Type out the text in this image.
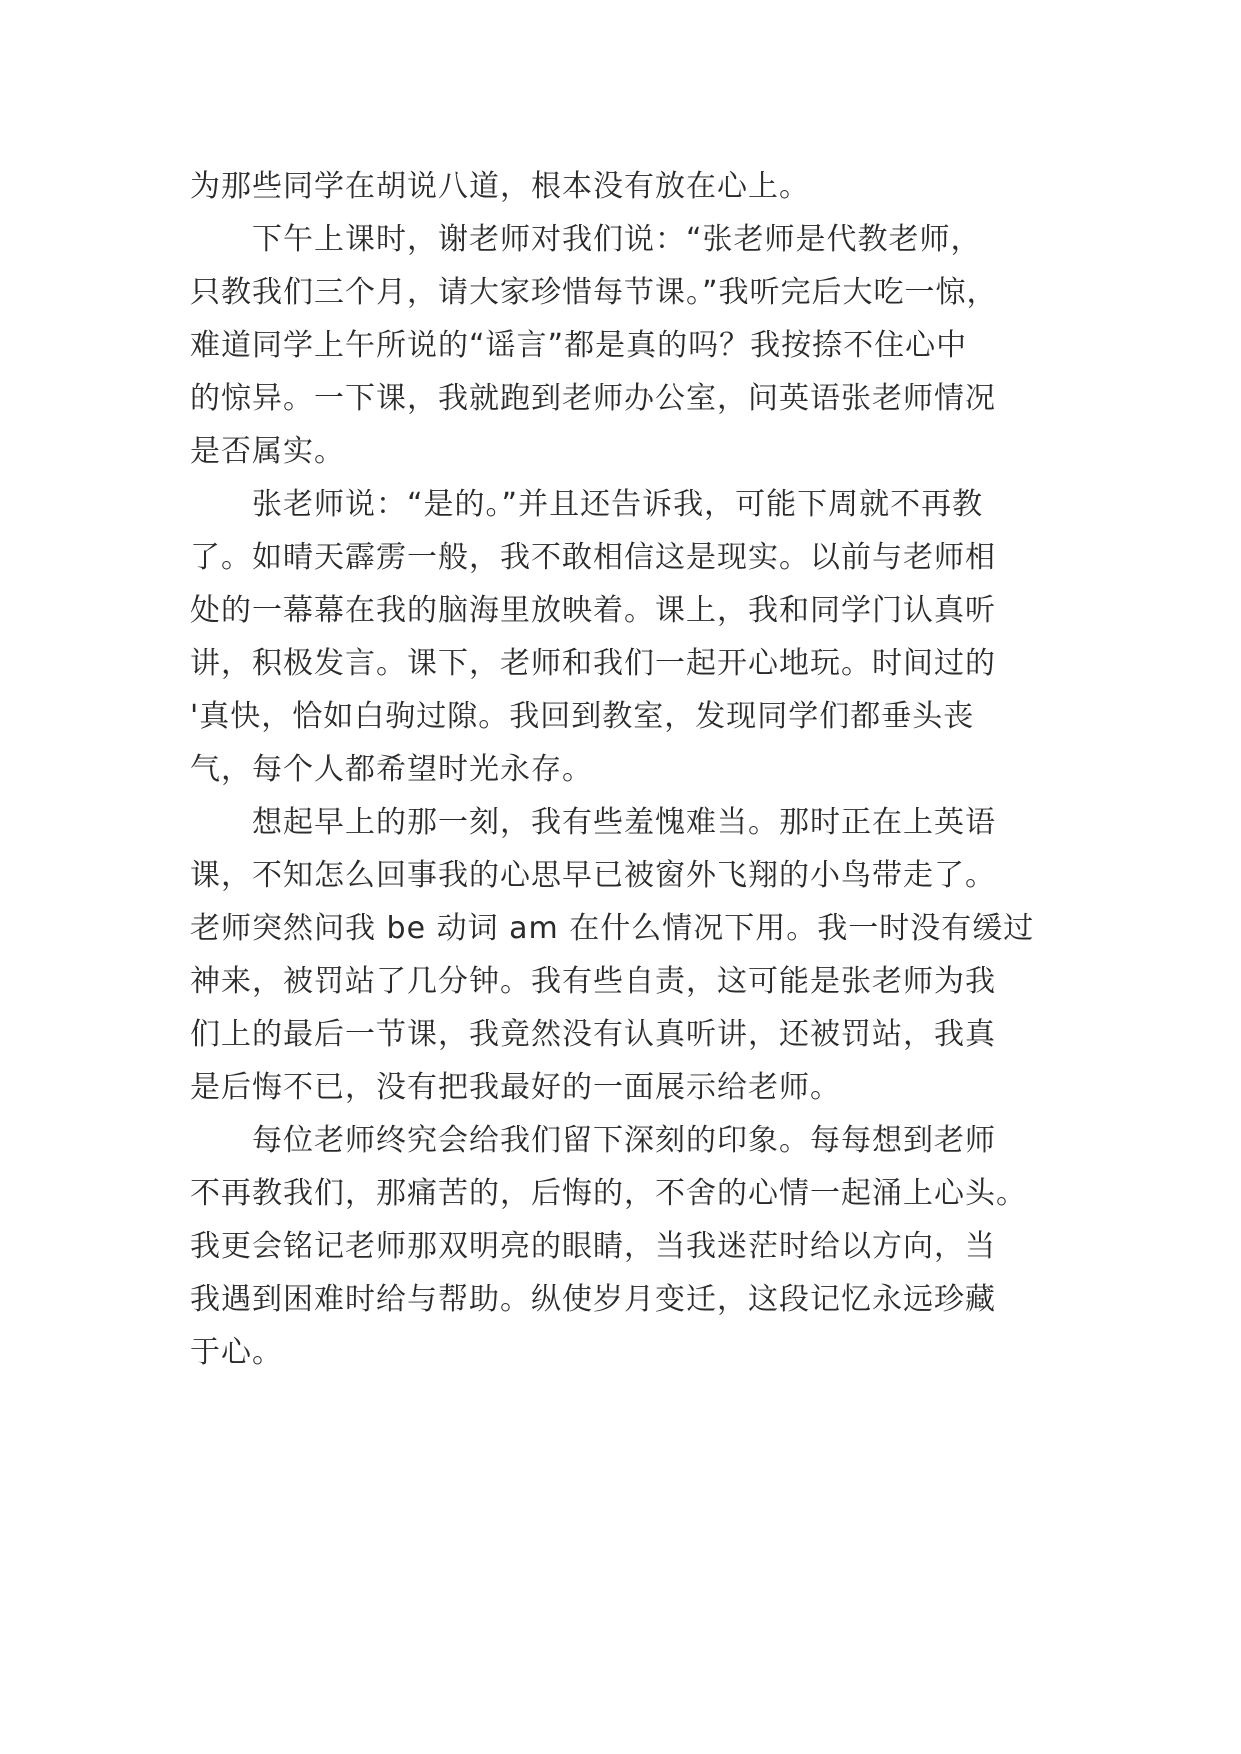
为那些同学在胡说八道，根本没有放在心上。
　　下午上课时，谢老师对我们说：“张老师是代教老师，
只教我们三个月，请大家珍惜每节课。”我听完后大吃一惊，
难道同学上午所说的“谣言”都是真的吗？我按捺不住心中
的惊异。一下课，我就跑到老师办公室，问英语张老师情况
是否属实。
　　张老师说：“是的。”并且还告诉我，可能下周就不再教
了。如晴天霹雳一般，我不敢相信这是现实。以前与老师相
处的一幕幕在我的脑海里放映着。课上，我和同学门认真听
讲，积极发言。课下，老师和我们一起开心地玩。时间过的
'真快，恰如白驹过隙。我回到教室，发现同学们都垂头丧
气，每个人都希望时光永存。
　　想起早上的那一刻，我有些羞愧难当。那时正在上英语
课，不知怎么回事我的心思早已被窗外飞翔的小鸟带走了。
老师突然问我 be 动词 am 在什么情况下用。我一时没有缓过
神来，被罚站了几分钟。我有些自责，这可能是张老师为我
们上的最后一节课，我竟然没有认真听讲，还被罚站，我真
是后悔不已，没有把我最好的一面展示给老师。
　　每位老师终究会给我们留下深刻的印象。每每想到老师
不再教我们，那痛苦的，后悔的，不舍的心情一起涌上心头。
我更会铭记老师那双明亮的眼睛，当我迷茫时给以方向，当
我遇到困难时给与帮助。纵使岁月变迁，这段记忆永远珍藏
于心。
